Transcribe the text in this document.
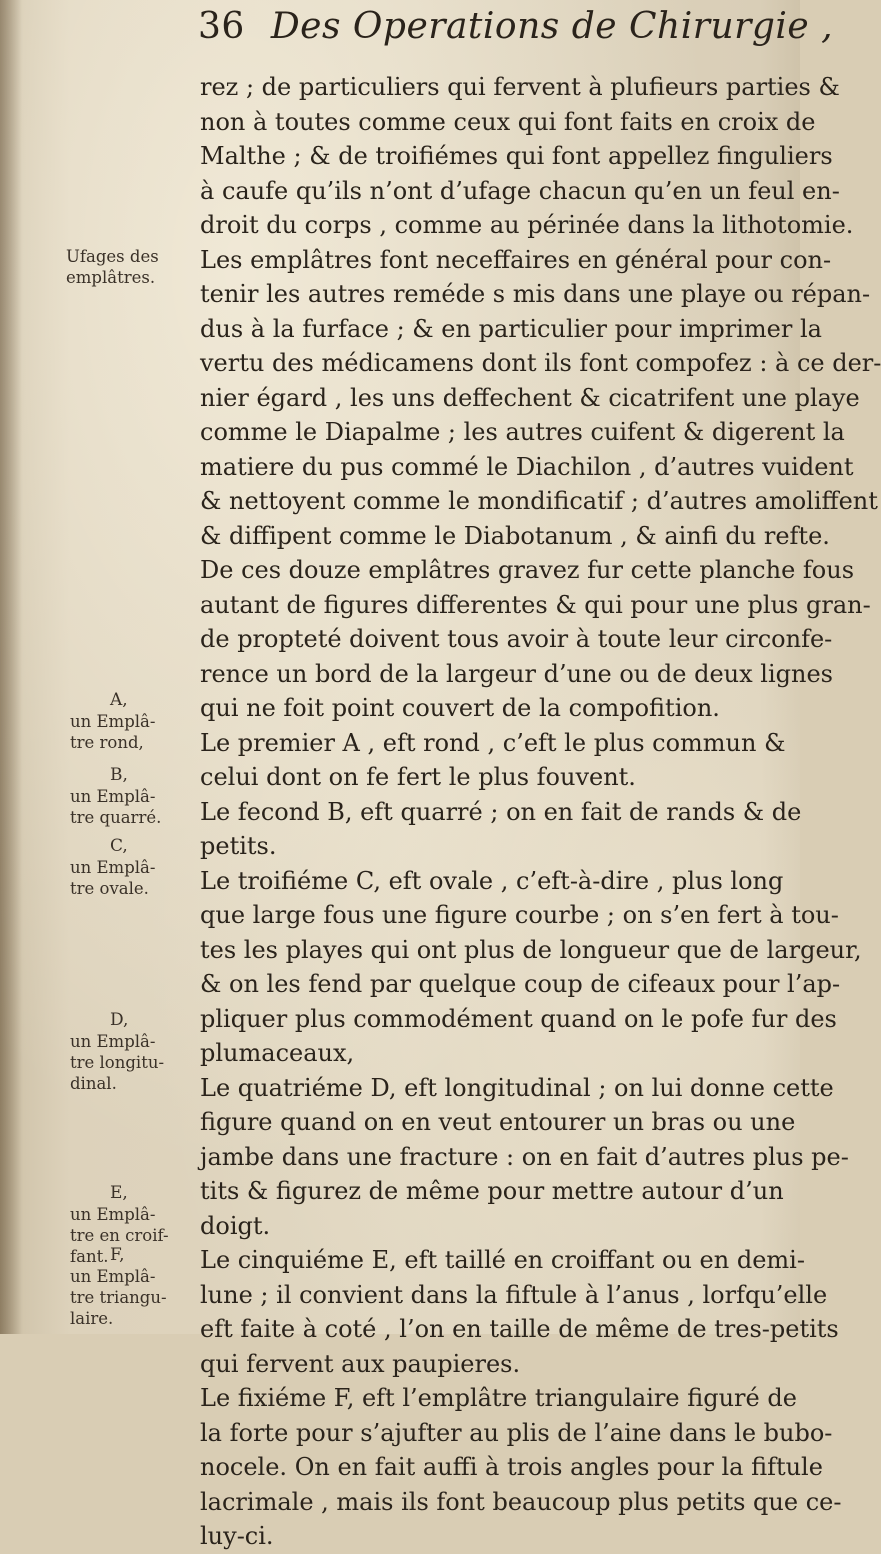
36 Des Operations de Chirurgie ,
rez ; de particuliers qui fervent à plufieurs parties &
non à toutes comme ceux qui font faits en croix de
Malthe ; & de troifiémes qui font appellez finguliers
à caufe qu’ils n’ont d’ufage chacun qu’en un feul en-
droit du corps , comme au périnée dans la lithotomie.
Les emplâtres font neceffaires en général pour con-
tenir les autres reméde s mis dans une playe ou répan-
dus à la furface ; & en particulier pour imprimer la
vertu des médicamens dont ils font compofez : à ce der-
nier égard , les uns deffechent & cicatrifent une playe
comme le Diapalme ; les autres cuifent & digerent la
matiere du pus commé le Diachilon , d’autres vuident
& nettoyent comme le mondificatif ; d’autres amoliffent
& diffipent comme le Diabotanum , & ainfi du refte.
De ces douze emplâtres gravez fur cette planche fous
autant de figures differentes & qui pour une plus gran-
de propteté doivent tous avoir à toute leur circonfe-
rence un bord de la largeur d’une ou de deux lignes
qui ne foit point couvert de la compofition.
Le premier A , eft rond , c’eft le plus commun &
celui dont on fe fert le plus fouvent.
Le fecond B, eft quarré ; on en fait de rands & de
petits.
Le troifiéme C, eft ovale , c’eft-à-dire , plus long
que large fous une figure courbe ; on s’en fert à tou-
tes les playes qui ont plus de longueur que de largeur,
& on les fend par quelque coup de cifeaux pour l’ap-
pliquer plus commodément quand on le pofe fur des
plumaceaux,
Le quatriéme D, eft longitudinal ; on lui donne cette
figure quand on en veut entourer un bras ou une
jambe dans une fracture : on en fait d’autres plus pe-
tits & figurez de même pour mettre autour d’un
doigt.
Le cinquiéme E, eft taillé en croiffant ou en demi-
lune ; il convient dans la fiftule à l’anus , lorfqu’elle
eft faite à coté , l’on en taille de même de tres-petits
qui fervent aux paupieres.
Le fixiéme F, eft l’emplâtre triangulaire figuré de
la forte pour s’ajufter au plis de l’aine dans le bubo-
nocele. On en fait auffi à trois angles pour la fiftule
lacrimale , mais ils font beaucoup plus petits que ce-
luy-ci.
Ufages des
emplâtres.
A,
un Emplâ-
tre rond,
B,
un Emplâ-
tre quarré.
C,
un Emplâ-
tre ovale.
D,
un Emplâ-
tre longitu-
dinal.
E,
un Emplâ-
tre en croif-
fant. F,
un Emplâ-
tre triangu-
laire.
